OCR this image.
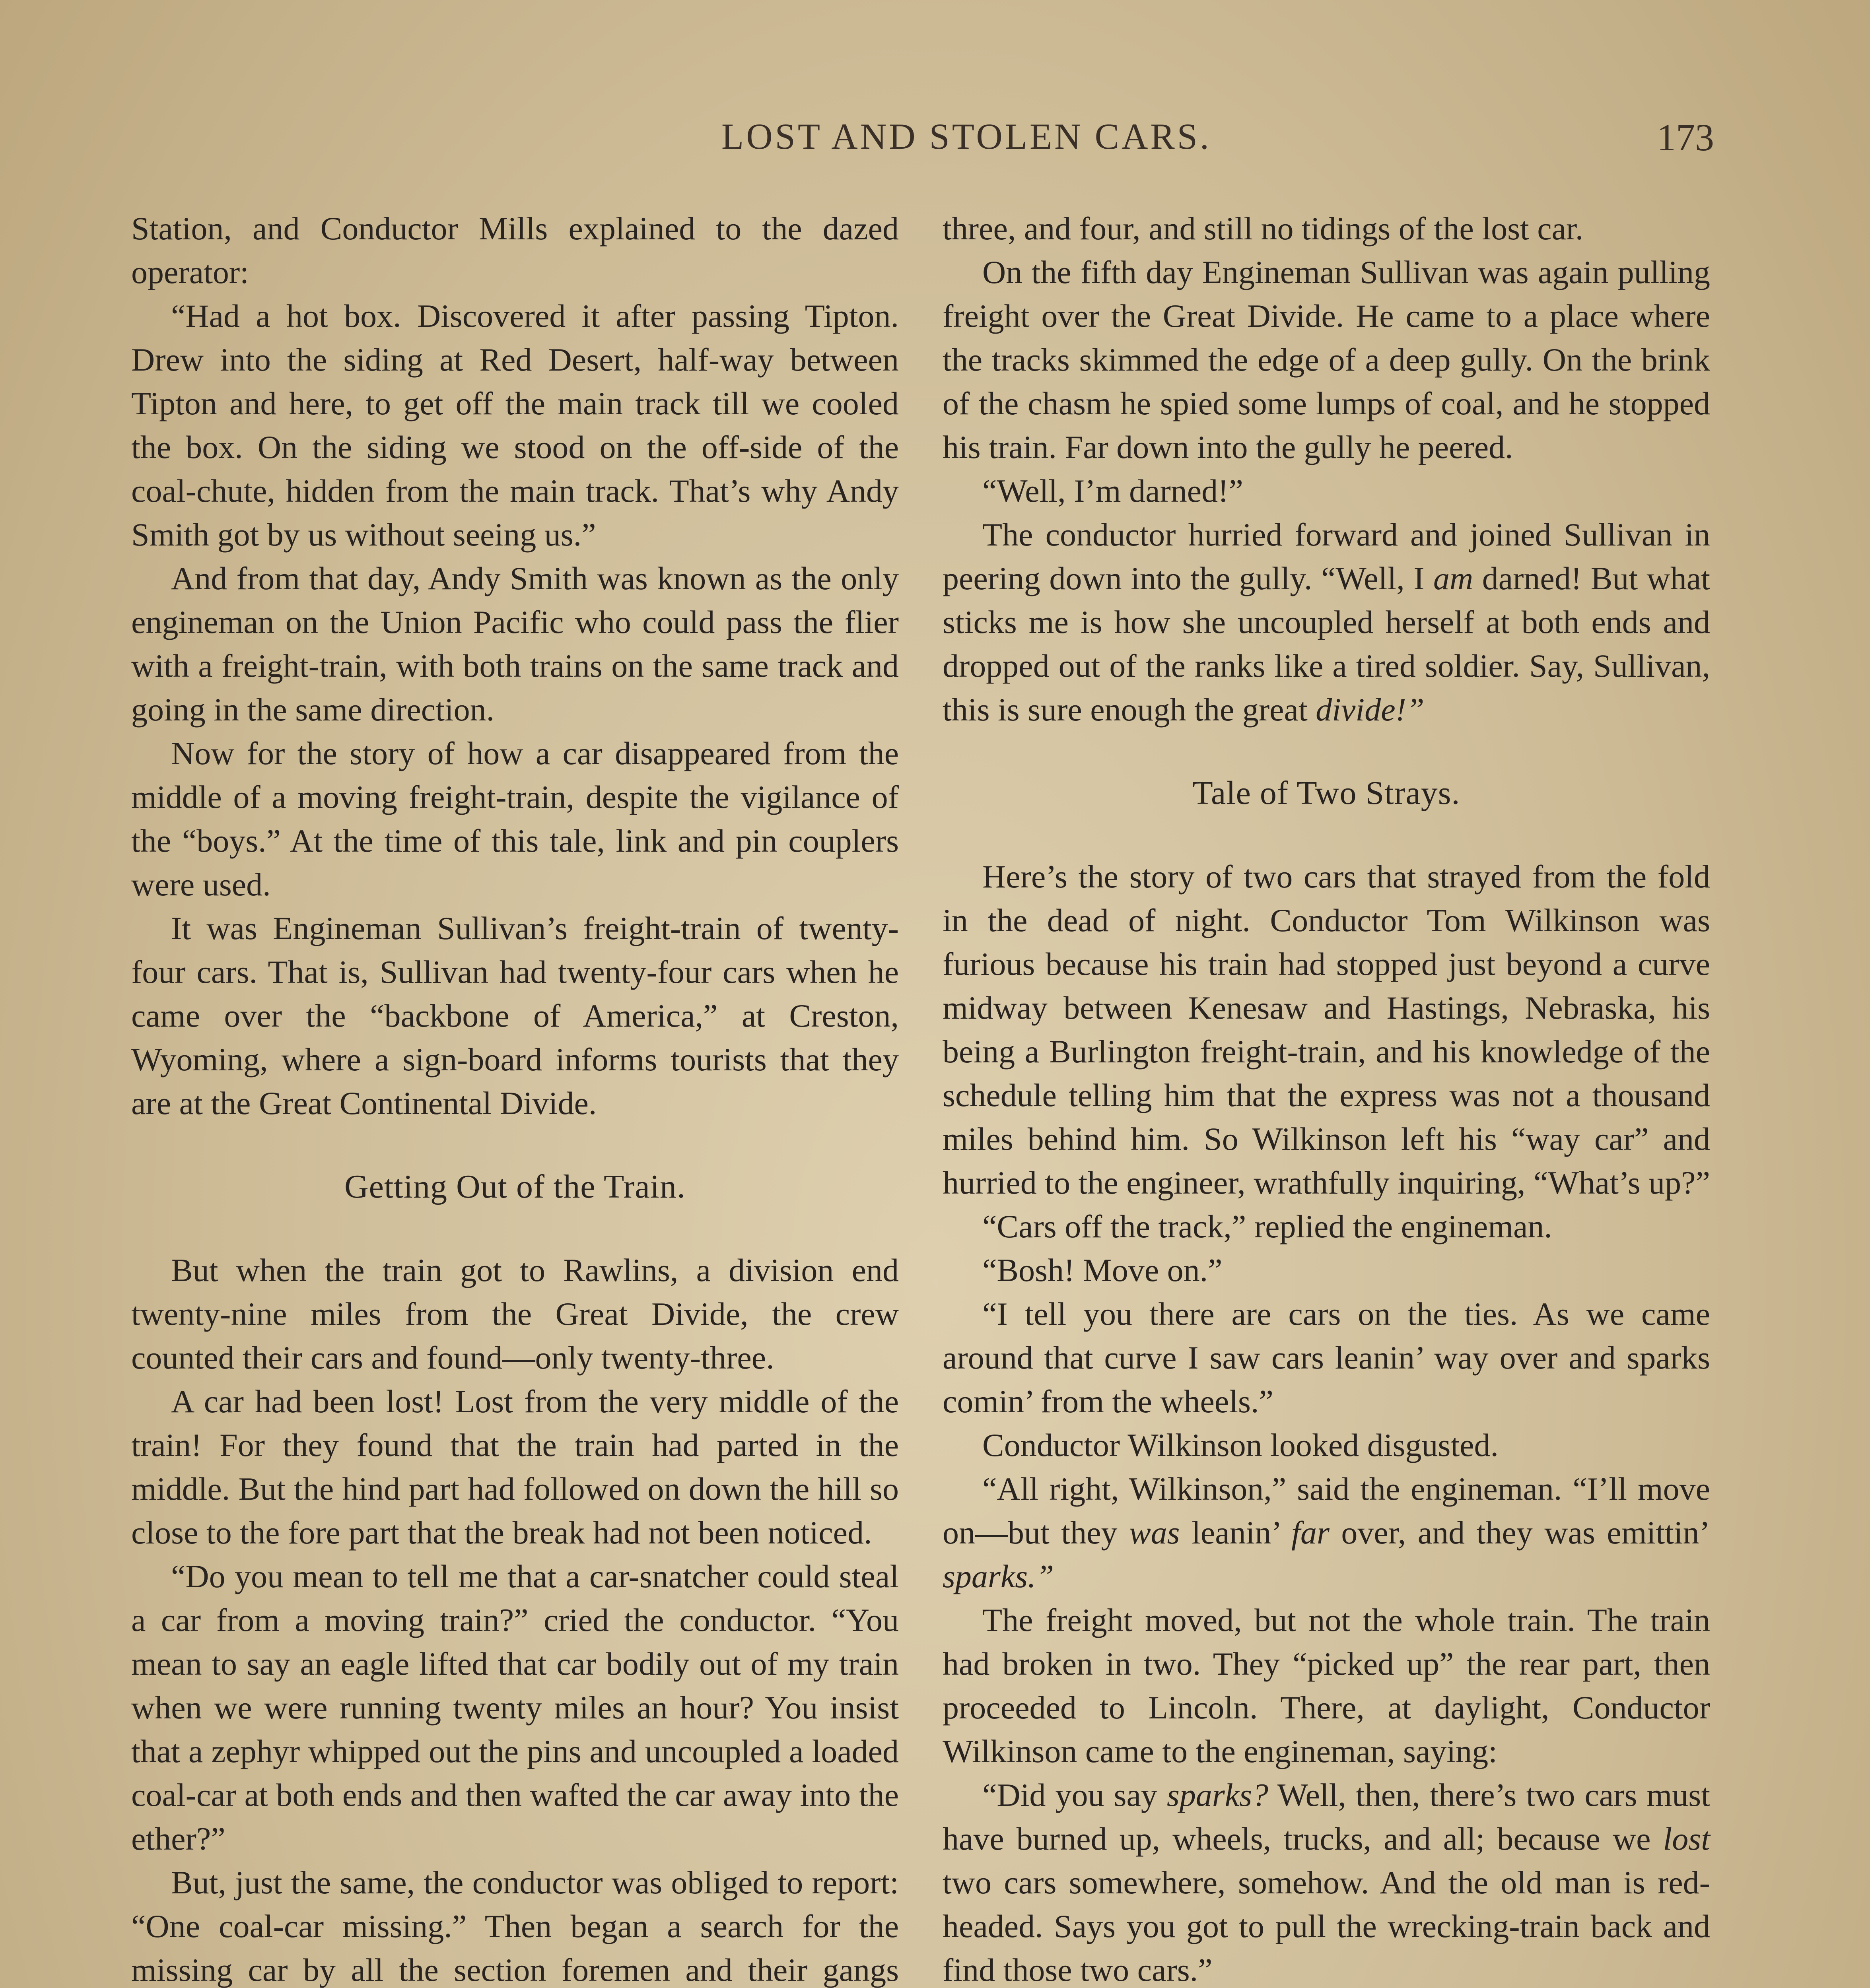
LOST AND STOLEN CARS.	173

Station, and Conductor Mills explained to the dazed operator:

“Had a hot box. Discovered it after passing Tipton. Drew into the siding at Red Desert, half-way between Tipton and here, to get off the main track till we cooled the box. On the siding we stood on the off-side of the coal-chute, hidden from the main track. That’s why Andy Smith got by us without seeing us.”

And from that day, Andy Smith was known as the only engineman on the Union Pacific who could pass the flier with a freight-train, with both trains on the same track and going in the same direction.

Now for the story of how a car disappeared from the middle of a moving freight-train, despite the vigilance of the “boys.” At the time of this tale, link and pin couplers were used.

It was Engineman Sullivan’s freight-train of twenty-four cars. That is, Sullivan had twenty-four cars when he came over the “backbone of America,” at Creston, Wyoming, where a sign-board informs tourists that they are at the Great Continental Divide.

Getting Out of the Train.

But when the train got to Rawlins, a division end twenty-nine miles from the Great Divide, the crew counted their cars and found—only twenty-three.

A car had been lost! Lost from the very middle of the train! For they found that the train had parted in the middle. But the hind part had followed on down the hill so close to the fore part that the break had not been noticed.

“Do you mean to tell me that a car-snatcher could steal a car from a moving train?” cried the conductor. “You mean to say an eagle lifted that car bodily out of my train when we were running twenty miles an hour? You insist that a zephyr whipped out the pins and uncoupled a loaded coal-car at both ends and then wafted the car away into the ether?”

But, just the same, the conductor was obliged to report: “One coal-car missing.” Then began a search for the missing car by all the section foremen and their gangs

three, and four, and still no tidings of the lost car.

On the fifth day Engineman Sullivan was again pulling freight over the Great Divide. He came to a place where the tracks skimmed the edge of a deep gully. On the brink of the chasm he spied some lumps of coal, and he stopped his train. Far down into the gully he peered.

“Well, I’m darned!”

The conductor hurried forward and joined Sullivan in peering down into the gully. “Well, I am darned! But what sticks me is how she uncoupled herself at both ends and dropped out of the ranks like a tired soldier. Say, Sullivan, this is sure enough the great divide!”

Tale of Two Strays.

Here’s the story of two cars that strayed from the fold in the dead of night. Conductor Tom Wilkinson was furious because his train had stopped just beyond a curve midway between Kenesaw and Hastings, Nebraska, his being a Burlington freight-train, and his knowledge of the schedule telling him that the express was not a thousand miles behind him. So Wilkinson left his “way car” and hurried to the engineer, wrathfully inquiring, “What’s up?”

“Cars off the track,” replied the engineman.

“Bosh! Move on.”

“I tell you there are cars on the ties. As we came around that curve I saw cars leanin’ way over and sparks comin’ from the wheels.”

Conductor Wilkinson looked disgusted.

“All right, Wilkinson,” said the engineman. “I’ll move on—but they was leanin’ far over, and they was emittin’ sparks.”

The freight moved, but not the whole train. The train had broken in two. They “picked up” the rear part, then proceeded to Lincoln. There, at daylight, Conductor Wilkinson came to the engineman, saying:

“Did you say sparks? Well, then, there’s two cars must have burned up, wheels, trucks, and all; because we lost two cars somewhere, somehow. And the old man is red-headed. Says you got to pull the wrecking-train back and find those two cars.”
